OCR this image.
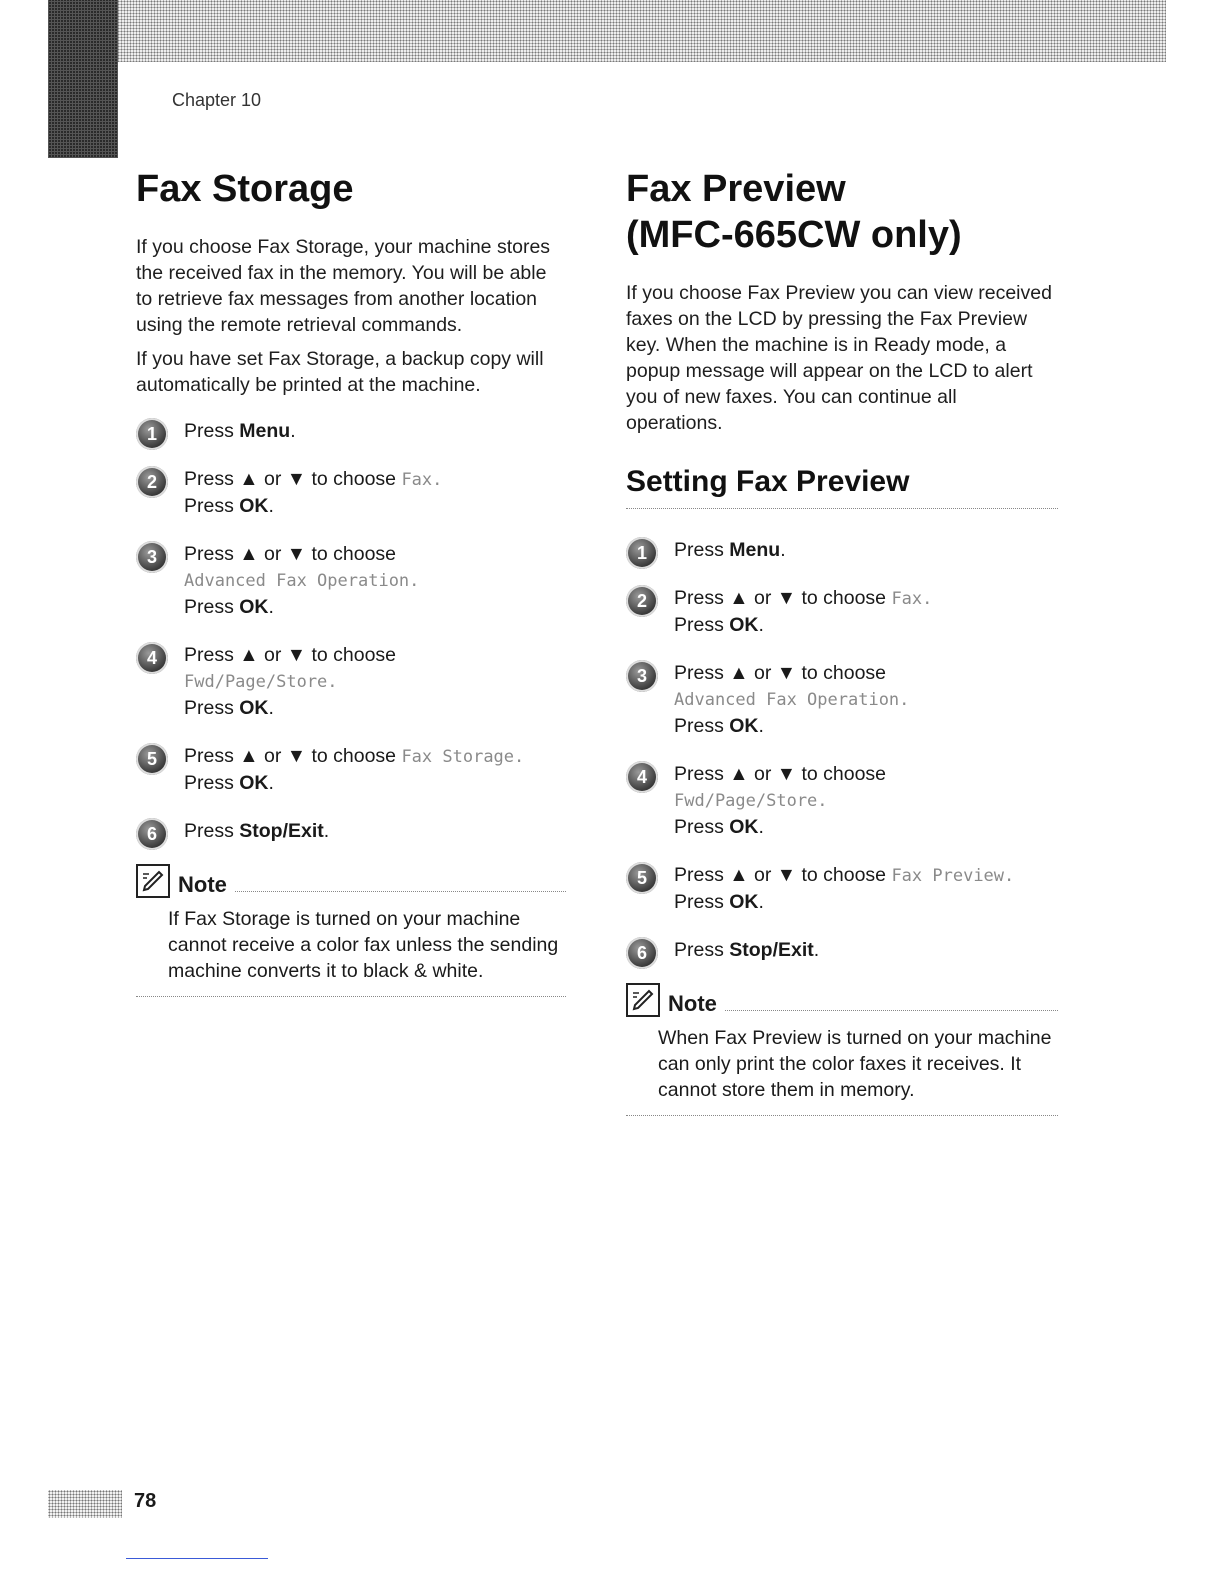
Chapter 10
Fax Storage

If you choose Fax Storage, your machine stores the received fax in the memory. You will be able to retrieve fax messages from another location using the remote retrieval commands.

If you have set Fax Storage, a backup copy will automatically be printed at the machine.

1	Press Menu.
2	Press ▲ or ▼ to choose Fax.
Press OK.
3	Press ▲ or ▼ to choose
Advanced Fax Operation.
Press OK.
4	Press ▲ or ▼ to choose
Fwd/Page/Store.
Press OK.
5	Press ▲ or ▼ to choose Fax Storage.
Press OK.
6	Press Stop/Exit.
Note
If Fax Storage is turned on your machine cannot receive a color fax unless the sending machine converts it to black & white.
Fax Preview
(MFC-665CW only)

If you choose Fax Preview you can view received faxes on the LCD by pressing the Fax Preview key. When the machine is in Ready mode, a popup message will appear on the LCD to alert you of new faxes. You can continue all operations.

Setting Fax Preview
1	Press Menu.
2	Press ▲ or ▼ to choose Fax.
Press OK.
3	Press ▲ or ▼ to choose
Advanced Fax Operation.
Press OK.
4	Press ▲ or ▼ to choose
Fwd/Page/Store.
Press OK.
5	Press ▲ or ▼ to choose Fax Preview.
Press OK.
6	Press Stop/Exit.
Note
When Fax Preview is turned on your machine can only print the color faxes it receives. It cannot store them in memory.
78
